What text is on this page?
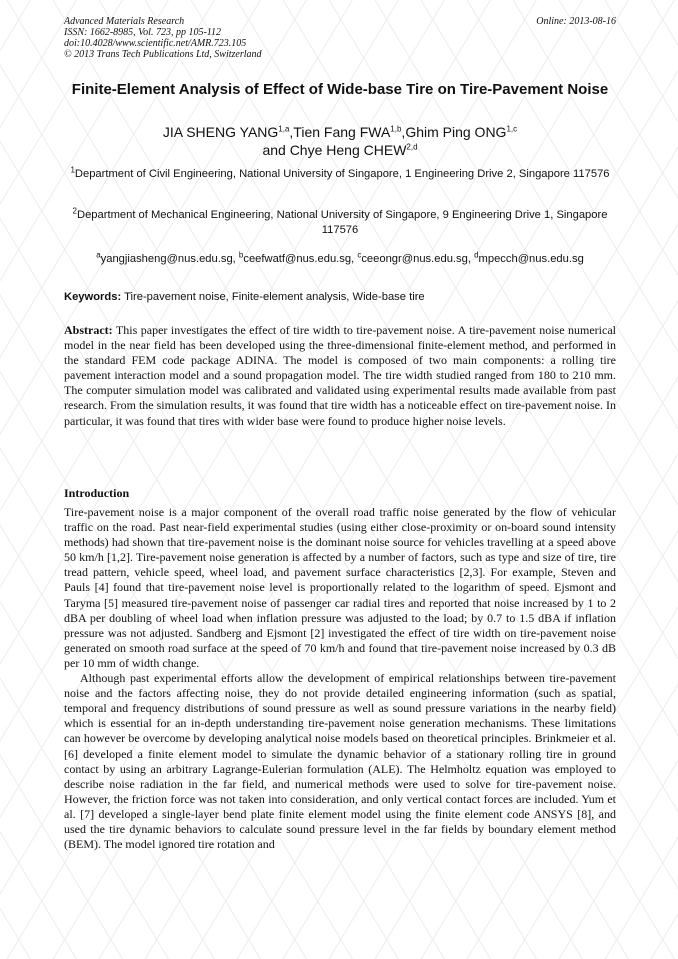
Advanced Materials Research
ISSN: 1662-8985, Vol. 723, pp 105-112
doi:10.4028/www.scientific.net/AMR.723.105
© 2013 Trans Tech Publications Ltd, Switzerland
Online: 2013-08-16
Finite-Element Analysis of Effect of Wide-base Tire on Tire-Pavement Noise
JIA SHENG YANG$^{1,a}$,Tien Fang FWA$^{1,b}$,Ghim Ping ONG$^{1,c}$
and Chye Heng CHEW$^{2,d}$
$^1$Department of Civil Engineering, National University of Singapore, 1 Engineering Drive 2, Singapore 117576
$^2$Department of Mechanical Engineering, National University of Singapore, 9 Engineering Drive 1, Singapore 117576
$^a$yangjiasheng@nus.edu.sg, $^b$ceefwatf@nus.edu.sg, $^c$ceeongr@nus.edu.sg, $^d$mpecch@nus.edu.sg
Keywords: Tire-pavement noise, Finite-element analysis, Wide-base tire
Abstract: This paper investigates the effect of tire width to tire-pavement noise. A tire-pavement noise numerical model in the near field has been developed using the three-dimensional finite-element method, and performed in the standard FEM code package ADINA. The model is composed of two main components: a rolling tire pavement interaction model and a sound propagation model. The tire width studied ranged from 180 to 210 mm. The computer simulation model was calibrated and validated using experimental results made available from past research. From the simulation results, it was found that tire width has a noticeable effect on tire-pavement noise. In particular, it was found that tires with wider base were found to produce higher noise levels.
Introduction

Tire-pavement noise is a major component of the overall road traffic noise generated by the flow of vehicular traffic on the road. Past near-field experimental studies (using either close-proximity or on-board sound intensity methods) had shown that tire-pavement noise is the dominant noise source for vehicles travelling at a speed above 50 km/h [1,2]. Tire-pavement noise generation is affected by a number of factors, such as type and size of tire, tire tread pattern, vehicle speed, wheel load, and pavement surface characteristics [2,3]. For example, Steven and Pauls [4] found that tire-pavement noise level is proportionally related to the logarithm of speed. Ejsmont and Taryma [5] measured tire-pavement noise of passenger car radial tires and reported that noise increased by 1 to 2 dBA per doubling of wheel load when inflation pressure was adjusted to the load; by 0.7 to 1.5 dBA if inflation pressure was not adjusted. Sandberg and Ejsmont [2] investigated the effect of tire width on tire-pavement noise generated on smooth road surface at the speed of 70 km/h and found that tire-pavement noise increased by 0.3 dB per 10 mm of width change.

Although past experimental efforts allow the development of empirical relationships between tire-pavement noise and the factors affecting noise, they do not provide detailed engineering information (such as spatial, temporal and frequency distributions of sound pressure as well as sound pressure variations in the nearby field) which is essential for an in-depth understanding tire-pavement noise generation mechanisms. These limitations can however be overcome by developing analytical noise models based on theoretical principles. Brinkmeier et al. [6] developed a finite element model to simulate the dynamic behavior of a stationary rolling tire in ground contact by using an arbitrary Lagrange-Eulerian formulation (ALE). The Helmholtz equation was employed to describe noise radiation in the far field, and numerical methods were used to solve for tire-pavement noise. However, the friction force was not taken into consideration, and only vertical contact forces are included. Yum et al. [7] developed a single-layer bend plate finite element model using the finite element code ANSYS [8], and used the tire dynamic behaviors to calculate sound pressure level in the far fields by boundary element method (BEM). The model ignored tire rotation and
